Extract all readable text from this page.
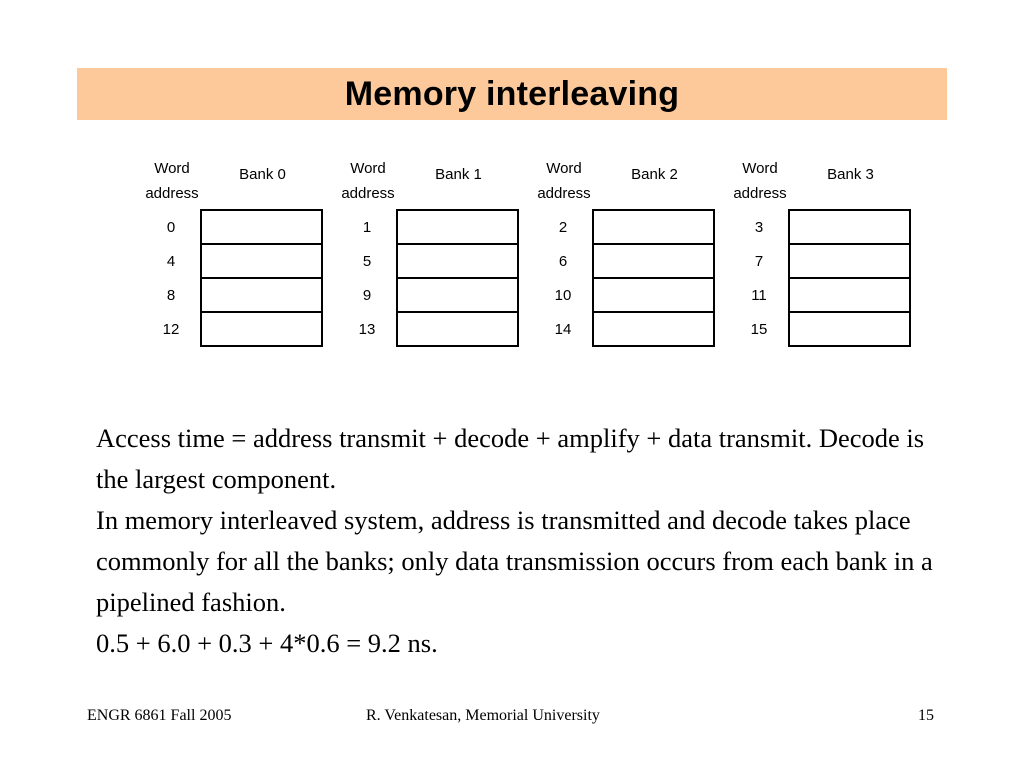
Memory interleaving
Word
address
Bank 0
0
4
8
12
Word
address
Bank 1
1
5
9
13
Word
address
Bank 2
2
6
10
14
Word
address
Bank 3
3
7
11
15

Access time = address transmit + decode + amplify + data transmit. Decode is the largest component.

In memory interleaved system, address is transmitted and decode takes place commonly for all the banks; only data transmission occurs from each bank in a pipelined fashion.

0.5 + 6.0 + 0.3 + 4*0.6 = 9.2 ns.

ENGR 6861 Fall 2005	R. Venkatesan, Memorial University	15
